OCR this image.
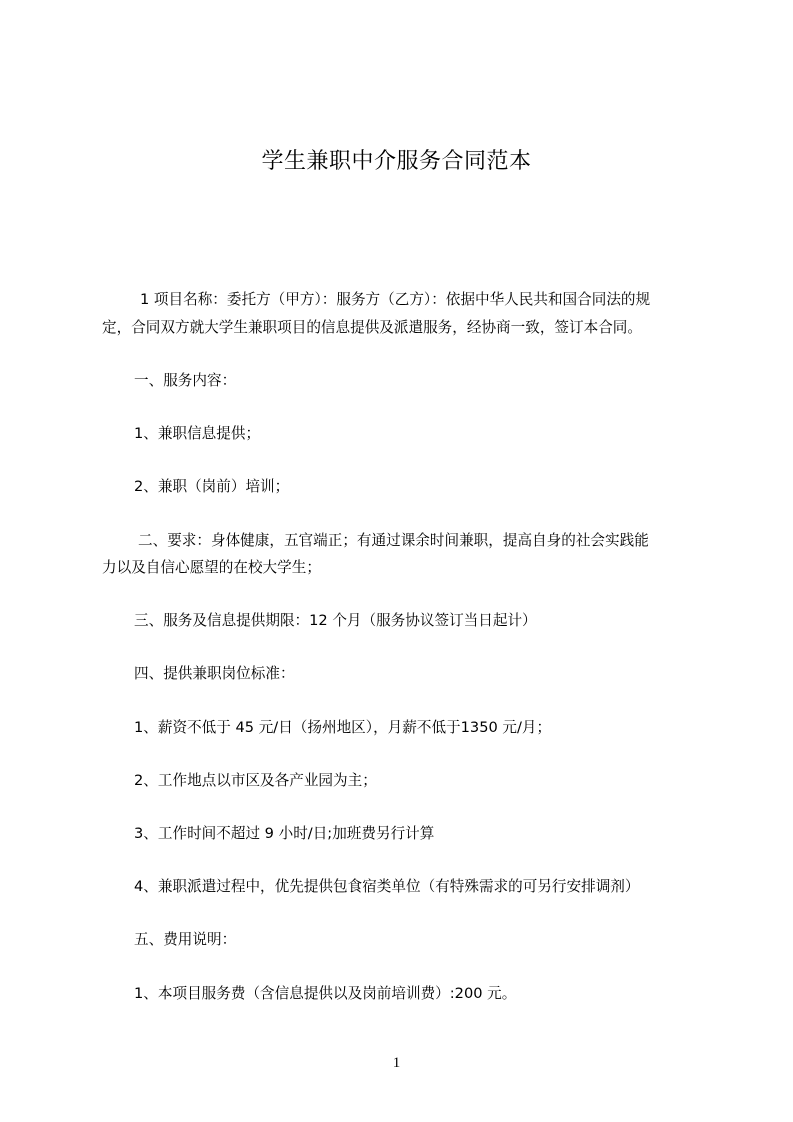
学生兼职中介服务合同范本
1 项目名称：委托方（甲方）：服务方（乙方）：依据中华人民共和国合同法的规
定，合同双方就大学生兼职项目的信息提供及派遣服务，经协商一致，签订本合同。
一、服务内容：
1、兼职信息提供；
2、兼职（岗前）培训；
二、要求：身体健康，五官端正；有通过课余时间兼职，提高自身的社会实践能
力以及自信心愿望的在校大学生；
三、服务及信息提供期限：12 个月（服务协议签订当日起计）
四、提供兼职岗位标准：
1、薪资不低于 45 元/日（扬州地区），月薪不低于1350 元/月；
2、工作地点以市区及各产业园为主；
3、工作时间不超过 9 小时/日;加班费另行计算
4、兼职派遣过程中，优先提供包食宿类单位（有特殊需求的可另行安排调剂）
五、费用说明：
1、本项目服务费（含信息提供以及岗前培训费）:200 元。
1
